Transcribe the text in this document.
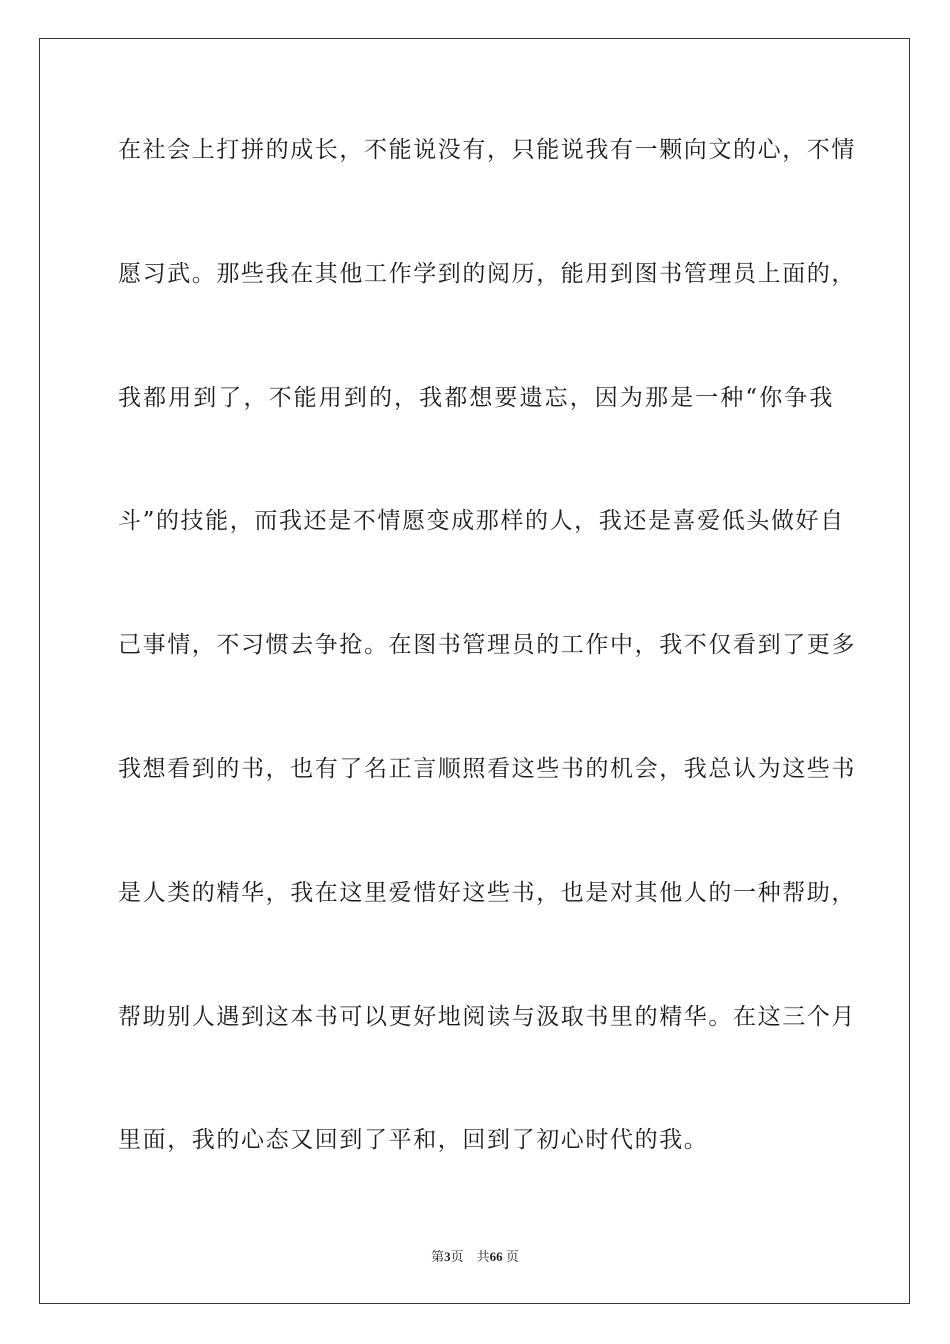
在社会上打拼的成长，不能说没有，只能说我有一颗向文的心，不情
愿习武。那些我在其他工作学到的阅历，能用到图书管理员上面的，
我都用到了，不能用到的，我都想要遗忘，因为那是一种“你争我
斗”的技能，而我还是不情愿变成那样的人，我还是喜爱低头做好自
己事情，不习惯去争抢。在图书管理员的工作中，我不仅看到了更多
我想看到的书，也有了名正言顺照看这些书的机会，我总认为这些书
是人类的精华，我在这里爱惜好这些书，也是对其他人的一种帮助，
帮助别人遇到这本书可以更好地阅读与汲取书里的精华。在这三个月
里面，我的心态又回到了平和，回到了初心时代的我。
第3页 共66 页
